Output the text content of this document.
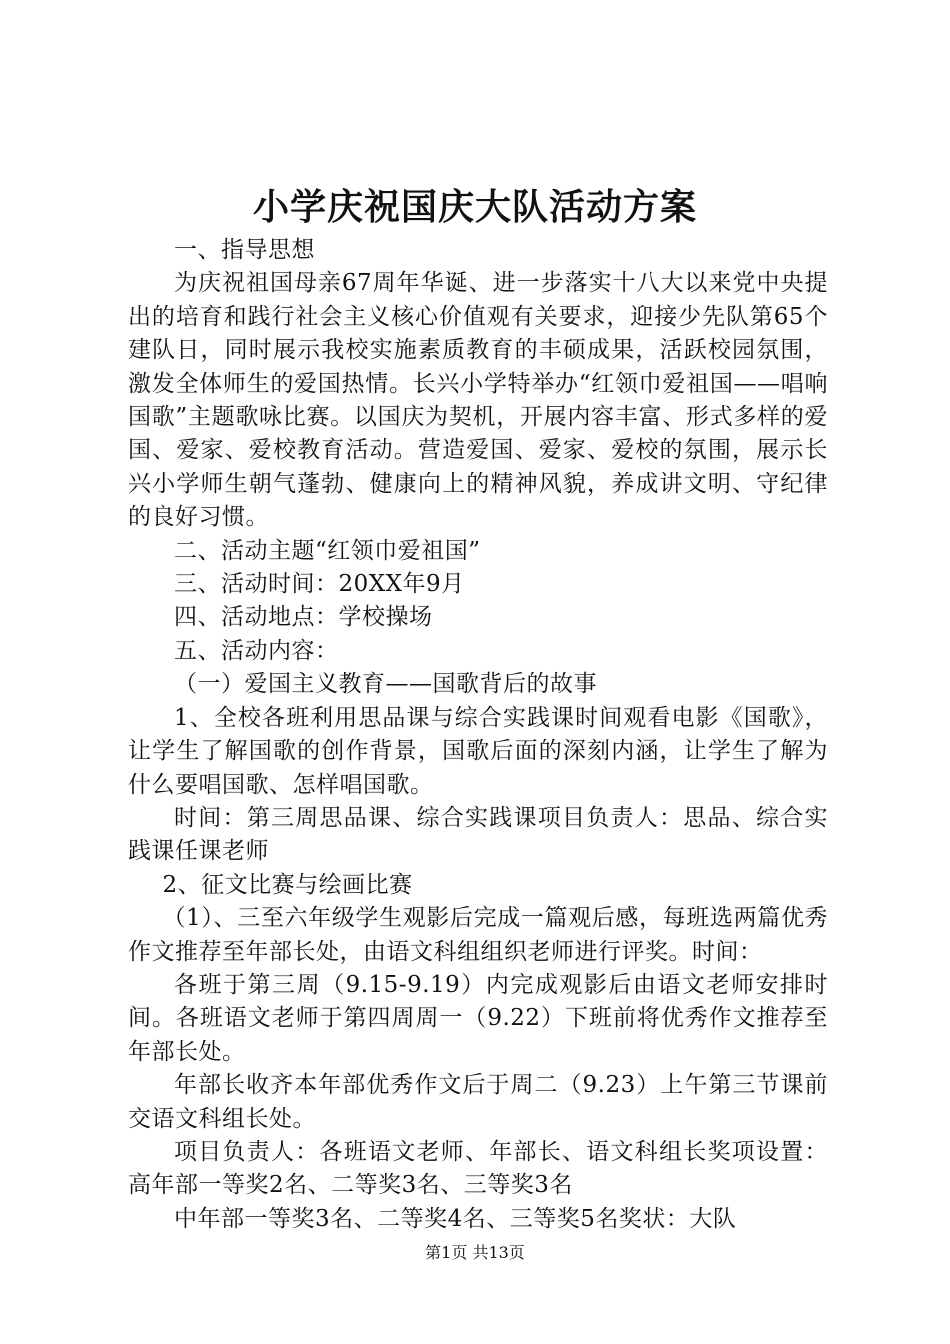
小学庆祝国庆大队活动方案

一、指导思想

为庆祝祖国母亲67周年华诞、进一步落实十八大以来党中央提出的培育和践行社会主义核心价值观有关要求，迎接少先队第65个建队日，同时展示我校实施素质教育的丰硕成果，活跃校园氛围，激发全体师生的爱国热情。长兴小学特举办“红领巾爱祖国——唱响国歌”主题歌咏比赛。以国庆为契机，开展内容丰富、形式多样的爱国、爱家、爱校教育活动。营造爱国、爱家、爱校的氛围，展示长兴小学师生朝气蓬勃、健康向上的精神风貌，养成讲文明、守纪律的良好习惯。

二、活动主题“红领巾爱祖国”

三、活动时间：20XX年9月

四、活动地点：学校操场

五、活动内容：

（一）爱国主义教育——国歌背后的故事

1、全校各班利用思品课与综合实践课时间观看电影《国歌》，让学生了解国歌的创作背景，国歌后面的深刻内涵，让学生了解为什么要唱国歌、怎样唱国歌。

时间：第三周思品课、综合实践课项目负责人：思品、综合实践课任课老师

2、征文比赛与绘画比赛

（1）、三至六年级学生观影后完成一篇观后感，每班选两篇优秀作文推荐至年部长处，由语文科组组织老师进行评奖。时间：

各班于第三周（9.15-9.19）内完成观影后由语文老师安排时间。各班语文老师于第四周周一（9.22）下班前将优秀作文推荐至年部长处。

年部长收齐本年部优秀作文后于周二（9.23）上午第三节课前交语文科组长处。

项目负责人：各班语文老师、年部长、语文科组长奖项设置：高年部一等奖2名、二等奖3名、三等奖3名

中年部一等奖3名、二等奖4名、三等奖5名奖状：大队

第1页 共13页
